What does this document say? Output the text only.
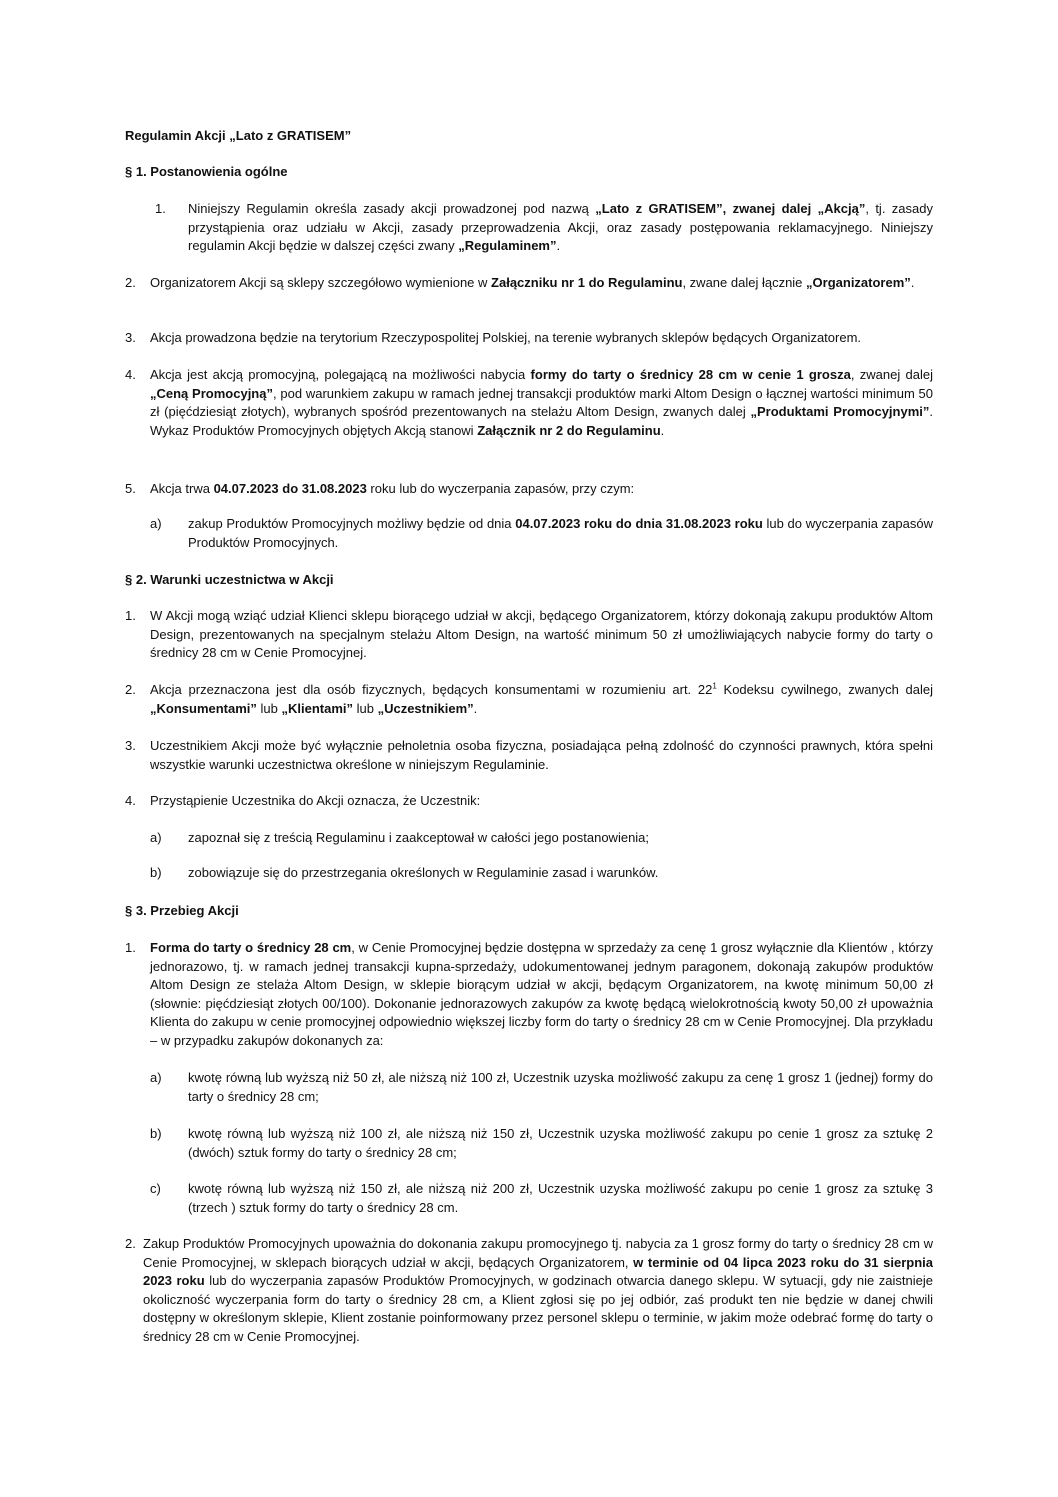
Regulamin Akcji „Lato z GRATISEM”
§ 1. Postanowienia ogólne
1. Niniejszy Regulamin określa zasady akcji prowadzonej pod nazwą „Lato z GRATISEM”, zwanej dalej „Akcją”, tj. zasady przystąpienia oraz udziału w Akcji, zasady przeprowadzenia Akcji, oraz zasady postępowania reklamacyjnego. Niniejszy regulamin Akcji będzie w dalszej części zwany „Regulaminem”.
2. Organizatorem Akcji są sklepy szczegółowo wymienione w Załączniku nr 1 do Regulaminu, zwane dalej łącznie „Organizatorem”.
3. Akcja prowadzona będzie na terytorium Rzeczypospolitej Polskiej, na terenie wybranych sklepów będących Organizatorem.
4. Akcja jest akcją promocyjną, polegającą na możliwości nabycia formy do tarty o średnicy 28 cm w cenie 1 grosza, zwanej dalej „Ceną Promocyjną”, pod warunkiem zakupu w ramach jednej transakcji produktów marki Altom Design o łącznej wartości minimum 50 zł (pięćdziesiąt złotych), wybranych spośród prezentowanych na stelażu Altom Design, zwanych dalej „Produktami Promocyjnymi”. Wykaz Produktów Promocyjnych objętych Akcją stanowi Załącznik nr 2 do Regulaminu.
5. Akcja trwa 04.07.2023 do 31.08.2023 roku lub do wyczerpania zapasów, przy czym:
a) zakup Produktów Promocyjnych możliwy będzie od dnia 04.07.2023 roku do dnia 31.08.2023 roku lub do wyczerpania zapasów Produktów Promocyjnych.
§ 2. Warunki uczestnictwa w Akcji
1. W Akcji mogą wziąć udział Klienci sklepu biorącego udział w akcji, będącego Organizatorem, którzy dokonają zakupu produktów Altom Design, prezentowanych na specjalnym stelażu Altom Design, na wartość minimum 50 zł umożliwiających nabycie formy do tarty o średnicy 28 cm w Cenie Promocyjnej.
2. Akcja przeznaczona jest dla osób fizycznych, będących konsumentami w rozumieniu art. $22^1$ Kodeksu cywilnego, zwanych dalej „Konsumentami” lub „Klientami” lub „Uczestnikiem”.
3. Uczestnikiem Akcji może być wyłącznie pełnoletnia osoba fizyczna, posiadająca pełną zdolność do czynności prawnych, która spełni wszystkie warunki uczestnictwa określone w niniejszym Regulaminie.
4. Przystąpienie Uczestnika do Akcji oznacza, że Uczestnik:
a) zapoznał się z treścią Regulaminu i zaakceptował w całości jego postanowienia;
b) zobowiązuje się do przestrzegania określonych w Regulaminie zasad i warunków.
§ 3. Przebieg Akcji
1. Forma do tarty o średnicy 28 cm, w Cenie Promocyjnej będzie dostępna w sprzedaży za cenę 1 grosz wyłącznie dla Klientów , którzy jednorazowo, tj. w ramach jednej transakcji kupna-sprzedaży, udokumentowanej jednym paragonem, dokonają zakupów produktów Altom Design ze stelaża Altom Design, w sklepie biorącym udział w akcji, będącym Organizatorem, na kwotę minimum 50,00 zł (słownie: pięćdziesiąt złotych 00/100). Dokonanie jednorazowych zakupów za kwotę będącą wielokrotnością kwoty 50,00 zł upoważnia Klienta do zakupu w cenie promocyjnej odpowiednio większej liczby form do tarty o średnicy 28 cm w Cenie Promocyjnej. Dla przykładu – w przypadku zakupów dokonanych za:
a) kwotę równą lub wyższą niż 50 zł, ale niższą niż 100 zł, Uczestnik uzyska możliwość zakupu za cenę 1 grosz 1 (jednej) formy do tarty o średnicy 28 cm;
b) kwotę równą lub wyższą niż 100 zł, ale niższą niż 150 zł, Uczestnik uzyska możliwość zakupu po cenie 1 grosz za sztukę 2 (dwóch) sztuk formy do tarty o średnicy 28 cm;
c) kwotę równą lub wyższą niż 150 zł, ale niższą niż 200 zł, Uczestnik uzyska możliwość zakupu po cenie 1 grosz za sztukę 3 (trzech ) sztuk formy do tarty o średnicy 28 cm.
2. Zakup Produktów Promocyjnych upoważnia do dokonania zakupu promocyjnego tj. nabycia za 1 grosz formy do tarty o średnicy 28 cm w Cenie Promocyjnej, w sklepach biorących udział w akcji, będących Organizatorem, w terminie od 04 lipca 2023 roku do 31 sierpnia 2023 roku lub do wyczerpania zapasów Produktów Promocyjnych, w godzinach otwarcia danego sklepu. W sytuacji, gdy nie zaistnieje okoliczność wyczerpania form do tarty o średnicy 28 cm, a Klient zgłosi się po jej odbiór, zaś produkt ten nie będzie w danej chwili dostępny w określonym sklepie, Klient zostanie poinformowany przez personel sklepu o terminie, w jakim może odebrać formę do tarty o średnicy 28 cm w Cenie Promocyjnej.
